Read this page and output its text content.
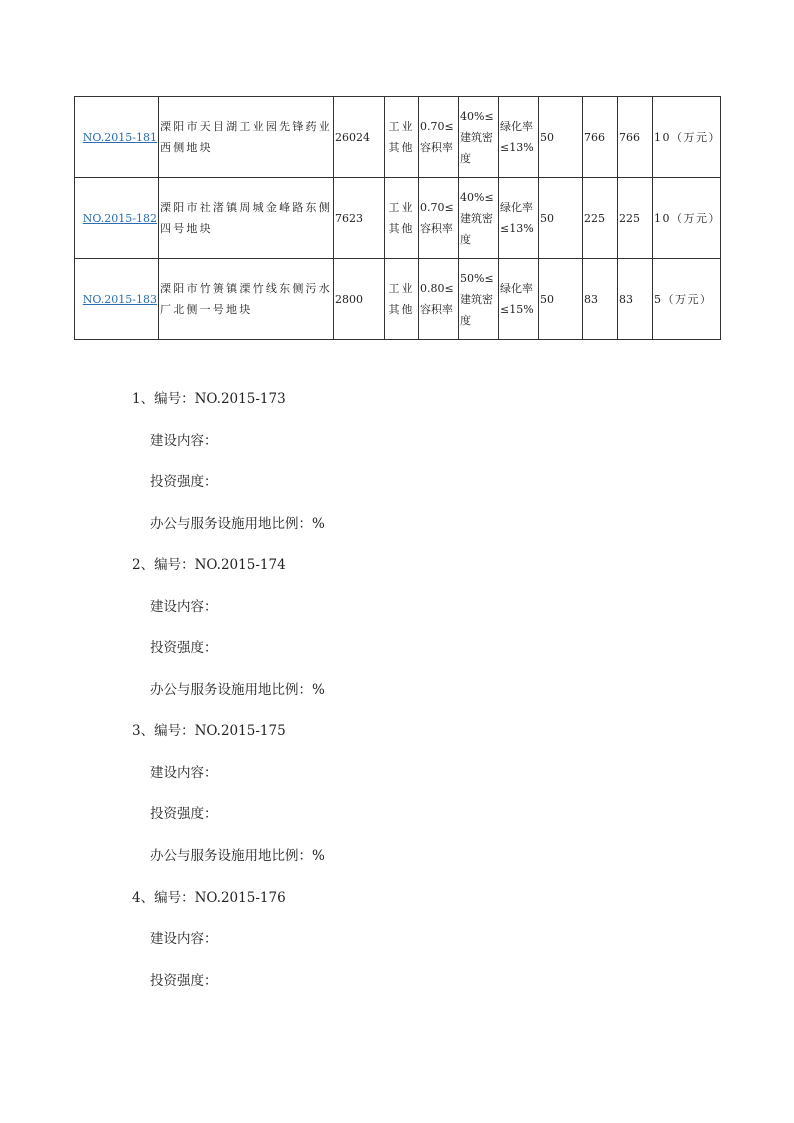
NO.2015-181	溧阳市天目湖工业园先锋药业西侧地块	26024	工业其他	0.70≤容积率	40%≤建筑密度	绿化率≤13%	50	766	766	10（万元）
NO.2015-182	溧阳市社渚镇周城金峰路东侧四号地块	7623	工业其他	0.70≤容积率	40%≤建筑密度	绿化率≤13%	50	225	225	10（万元）
NO.2015-183	溧阳市竹箦镇溧竹线东侧污水厂北侧一号地块	2800	工业其他	0.80≤容积率	50%≤建筑密度	绿化率≤15%	50	83	83	5（万元）
1、编号：NO.2015-173
建设内容：
投资强度：
办公与服务设施用地比例：%
2、编号：NO.2015-174
建设内容：
投资强度：
办公与服务设施用地比例：%
3、编号：NO.2015-175
建设内容：
投资强度：
办公与服务设施用地比例：%
4、编号：NO.2015-176
建设内容：
投资强度：
